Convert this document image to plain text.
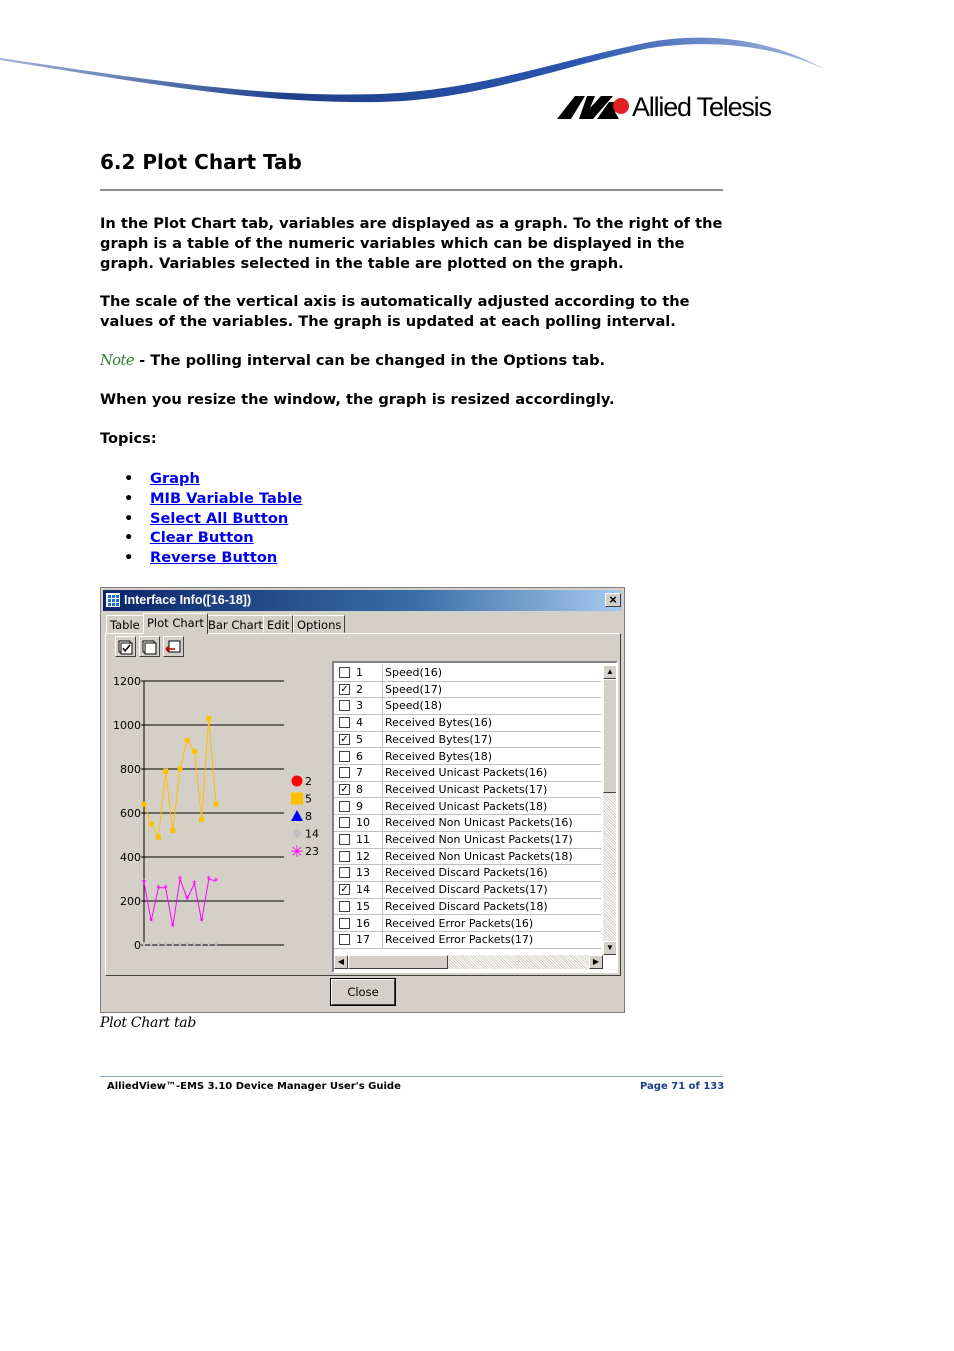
Allied Telesis
6.2 Plot Chart Tab

In the Plot Chart tab, variables are displayed as a graph. To the right of the graph is a table of the numeric variables which can be displayed in the graph. Variables selected in the table are plotted on the graph.

The scale of the vertical axis is automatically adjusted according to the values of the variables. The graph is updated at each polling interval.

Note - The polling interval can be changed in the Options tab.

When you resize the window, the graph is resized accordingly.

Topics:

• Graph
• MIB Variable Table
• Select All Button
• Clear Button
• Reverse Button
Interface Info([16-18])	×
Table Plot Chart Bar Chart Edit Options
0
200
400
600
800
1000
1200
*
*
* *
*
*
*
*
*
* *
2
5
8
14
✳ 23
1 Speed(16)
✓ 2 Speed(17)
3 Speed(18)
4 Received Bytes(16)
✓ 5 Received Bytes(17)
6 Received Bytes(18)
7 Received Unicast Packets(16)
✓ 8 Received Unicast Packets(17)
9 Received Unicast Packets(18)
10 Received Non Unicast Packets(16)
11 Received Non Unicast Packets(17)
12 Received Non Unicast Packets(18)
13 Received Discard Packets(16)
✓ 14 Received Discard Packets(17)
15 Received Discard Packets(18)
16 Received Error Packets(16)
17 Received Error Packets(17)
▲
▼
◀	▶
Close
Plot Chart tab
AlliedView™-EMS 3.10 Device Manager User's Guide	Page 71 of 133
